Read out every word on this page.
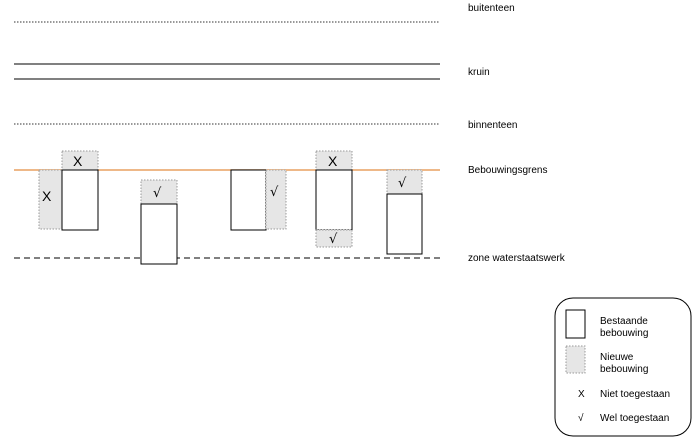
buitenteen
kruin
binnenteen
Bebouwingsgrens
zone waterstaatswerk
X
X
√	√
X
√
√
Bestaande
bebouwing
Nieuwe
bebouwing
X Niet toegestaan
√ Wel toegestaan
